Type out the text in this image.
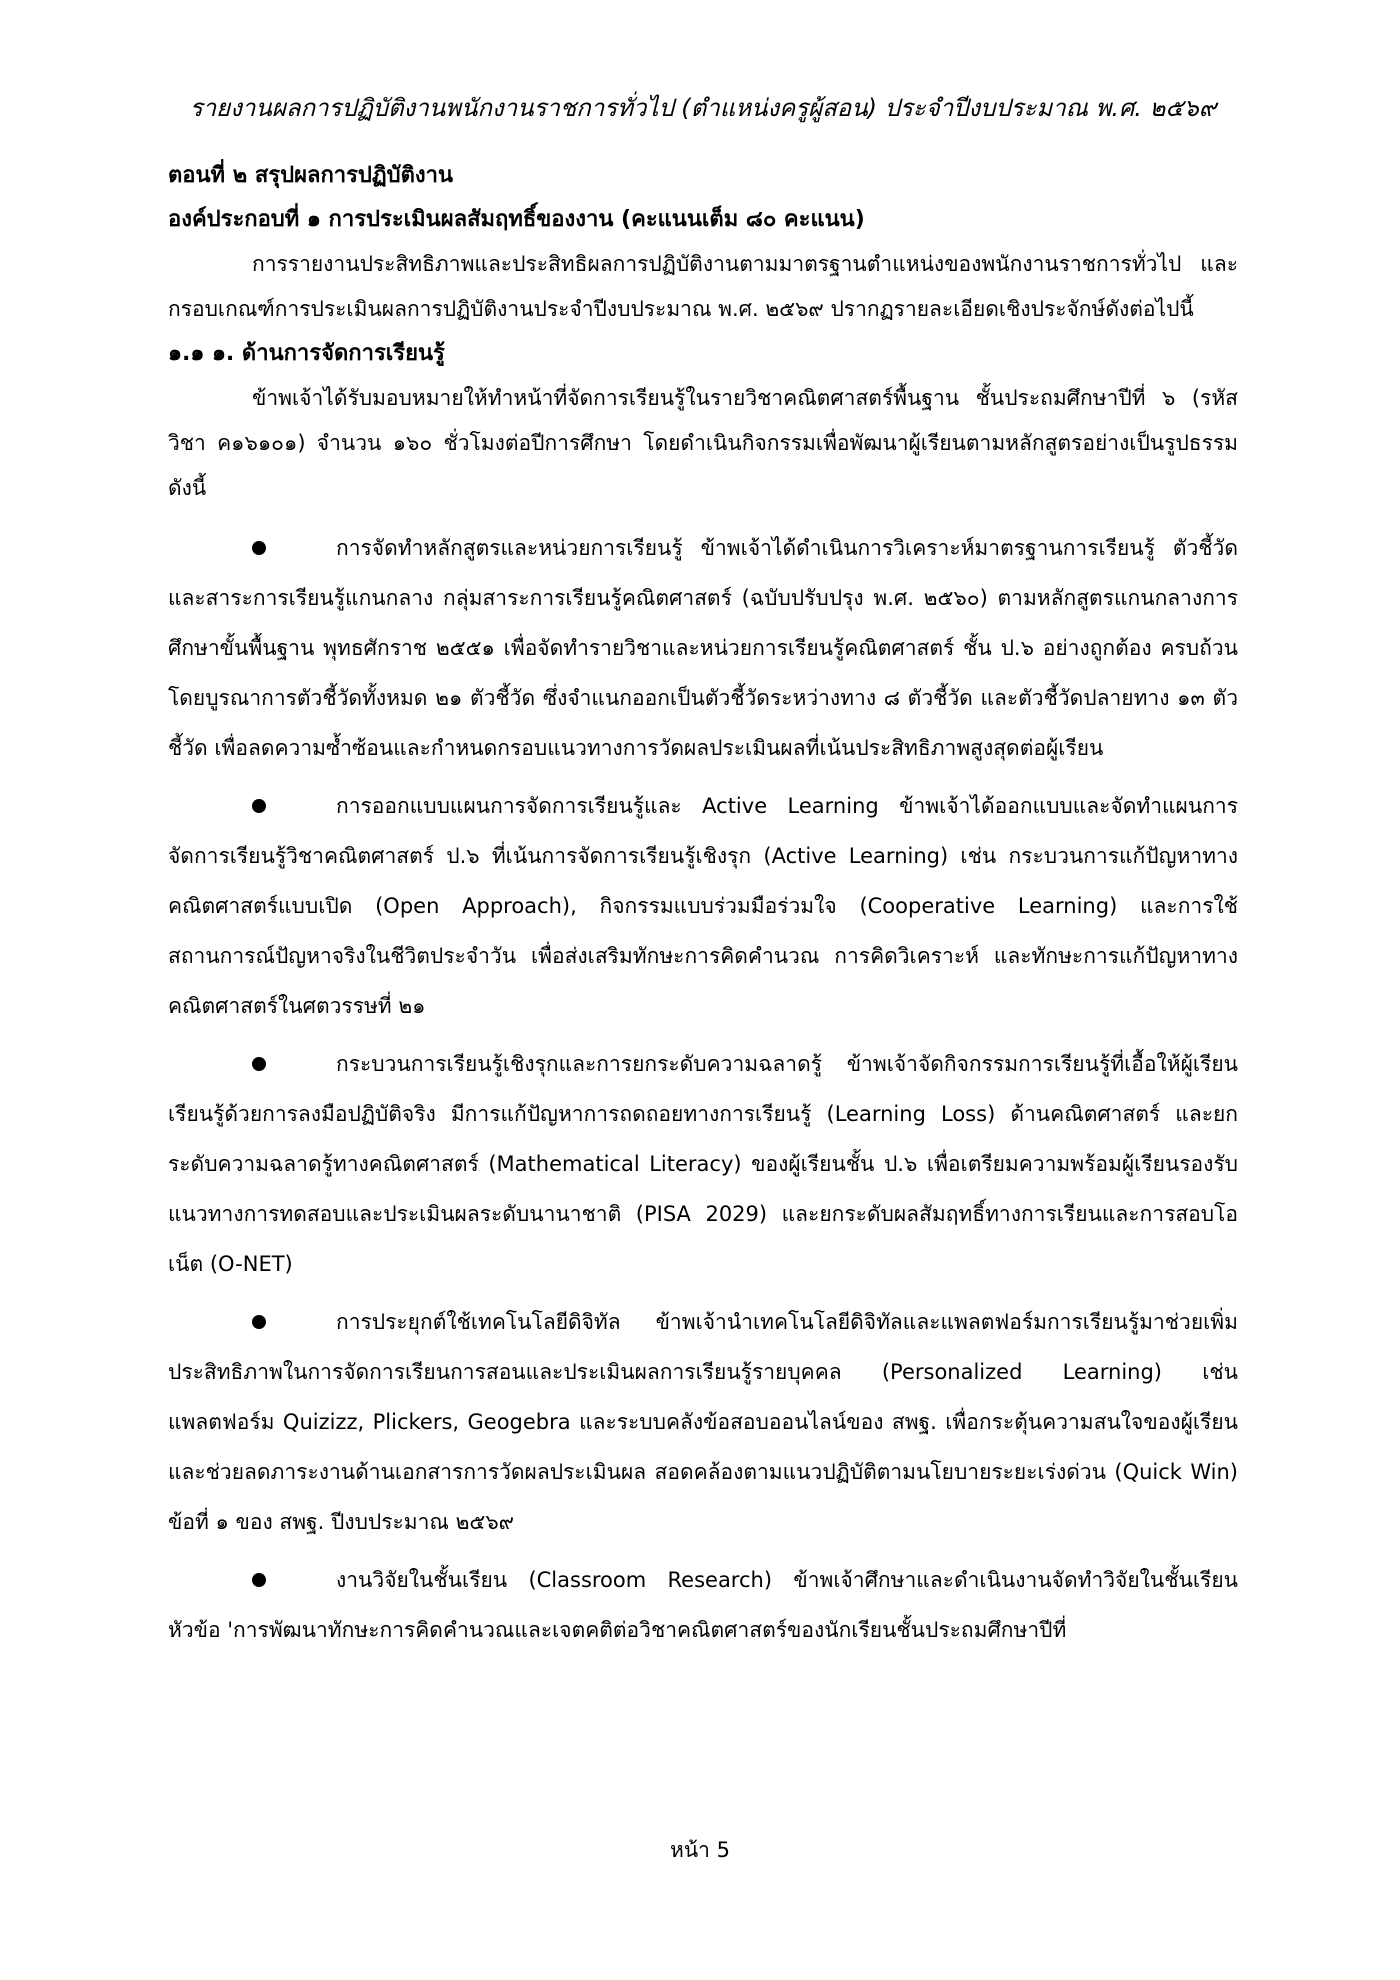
รายงานผลการปฏิบัติงานพนักงานราชการทั่วไป (ตำแหน่งครูผู้สอน) ประจำปีงบประมาณ พ.ศ. ๒๕๖๙

ตอนที่ ๒ สรุปผลการปฏิบัติงาน

องค์ประกอบที่ ๑ การประเมินผลสัมฤทธิ์ของงาน (คะแนนเต็ม ๘๐ คะแนน)

การรายงานประสิทธิภาพและประสิทธิผลการปฏิบัติงานตามมาตรฐานตำแหน่งของพนักงานราชการทั่วไป และกรอบเกณฑ์การประเมินผลการปฏิบัติงานประจำปีงบประมาณ พ.ศ. ๒๕๖๙ ปรากฏรายละเอียดเชิงประจักษ์ดังต่อไปนี้

๑.๑ ๑. ด้านการจัดการเรียนรู้

ข้าพเจ้าได้รับมอบหมายให้ทำหน้าที่จัดการเรียนรู้ในรายวิชาคณิตศาสตร์พื้นฐาน ชั้นประถมศึกษาปีที่ ๖ (รหัสวิชา ค๑๖๑๐๑) จำนวน ๑๖๐ ชั่วโมงต่อปีการศึกษา โดยดำเนินกิจกรรมเพื่อพัฒนาผู้เรียนตามหลักสูตรอย่างเป็นรูปธรรม ดังนี้

การจัดทำหลักสูตรและหน่วยการเรียนรู้ ข้าพเจ้าได้ดำเนินการวิเคราะห์มาตรฐานการเรียนรู้ ตัวชี้วัด และสาระการเรียนรู้แกนกลาง กลุ่มสาระการเรียนรู้คณิตศาสตร์ (ฉบับปรับปรุง พ.ศ. ๒๕๖๐) ตามหลักสูตรแกนกลางการศึกษาขั้นพื้นฐาน พุทธศักราช ๒๕๕๑ เพื่อจัดทำรายวิชาและหน่วยการเรียนรู้คณิตศาสตร์ ชั้น ป.๖ อย่างถูกต้อง ครบถ้วน โดยบูรณาการตัวชี้วัดทั้งหมด ๒๑ ตัวชี้วัด ซึ่งจำแนกออกเป็นตัวชี้วัดระหว่างทาง ๘ ตัวชี้วัด และตัวชี้วัดปลายทาง ๑๓ ตัวชี้วัด เพื่อลดความซ้ำซ้อนและกำหนดกรอบแนวทางการวัดผลประเมินผลที่เน้นประสิทธิภาพสูงสุดต่อผู้เรียน

การออกแบบแผนการจัดการเรียนรู้และ Active Learning ข้าพเจ้าได้ออกแบบและจัดทำแผนการจัดการเรียนรู้วิชาคณิตศาสตร์ ป.๖ ที่เน้นการจัดการเรียนรู้เชิงรุก (Active Learning) เช่น กระบวนการแก้ปัญหาทางคณิตศาสตร์แบบเปิด (Open Approach), กิจกรรมแบบร่วมมือร่วมใจ (Cooperative Learning) และการใช้สถานการณ์ปัญหาจริงในชีวิตประจำวัน เพื่อส่งเสริมทักษะการคิดคำนวณ การคิดวิเคราะห์ และทักษะการแก้ปัญหาทางคณิตศาสตร์ในศตวรรษที่ ๒๑

กระบวนการเรียนรู้เชิงรุกและการยกระดับความฉลาดรู้ ข้าพเจ้าจัดกิจกรรมการเรียนรู้ที่เอื้อให้ผู้เรียนเรียนรู้ด้วยการลงมือปฏิบัติจริง มีการแก้ปัญหาการถดถอยทางการเรียนรู้ (Learning Loss) ด้านคณิตศาสตร์ และยกระดับความฉลาดรู้ทางคณิตศาสตร์ (Mathematical Literacy) ของผู้เรียนชั้น ป.๖ เพื่อเตรียมความพร้อมผู้เรียนรองรับแนวทางการทดสอบและประเมินผลระดับนานาชาติ (PISA 2029) และยกระดับผลสัมฤทธิ์ทางการเรียนและการสอบโอเน็ต (O-NET)

การประยุกต์ใช้เทคโนโลยีดิจิทัล ข้าพเจ้านำเทคโนโลยีดิจิทัลและแพลตฟอร์มการเรียนรู้มาช่วยเพิ่มประสิทธิภาพในการจัดการเรียนการสอนและประเมินผลการเรียนรู้รายบุคคล (Personalized Learning) เช่น แพลตฟอร์ม Quizizz, Plickers, Geogebra และระบบคลังข้อสอบออนไลน์ของ สพฐ. เพื่อกระตุ้นความสนใจของผู้เรียนและช่วยลดภาระงานด้านเอกสารการวัดผลประเมินผล สอดคล้องตามแนวปฏิบัติตามนโยบายระยะเร่งด่วน (Quick Win) ข้อที่ ๑ ของ สพฐ. ปีงบประมาณ ๒๕๖๙

งานวิจัยในชั้นเรียน (Classroom Research) ข้าพเจ้าศึกษาและดำเนินงานจัดทำวิจัยในชั้นเรียน หัวข้อ 'การพัฒนาทักษะการคิดคำนวณและเจตคติต่อวิชาคณิตศาสตร์ของนักเรียนชั้นประถมศึกษาปีที่

หน้า 5
